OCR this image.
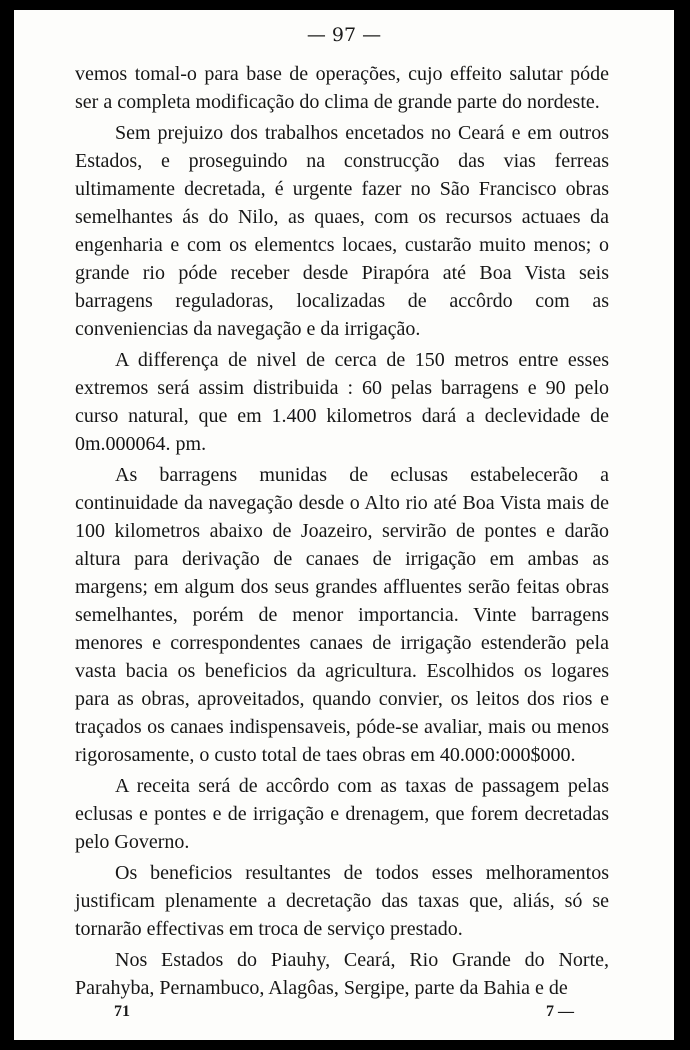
— 97 —

vemos tomal-o para base de operações, cujo effeito salutar póde ser a completa modificação do clima de grande parte do nordeste.

Sem prejuizo dos trabalhos encetados no Ceará e em outros Estados, e proseguindo na construcção das vias ferreas ultimamente decretada, é urgente fazer no São Francisco obras semelhantes ás do Nilo, as quaes, com os recursos actuaes da engenharia e com os elementcs locaes, custarão muito menos; o grande rio póde receber desde Pirapóra até Boa Vista seis barragens reguladoras, localizadas de accôrdo com as conveniencias da navegação e da irrigação.

A differença de nivel de cerca de 150 metros entre esses extremos será assim distribuida : 60 pelas barragens e 90 pelo curso natural, que em 1.400 kilometros dará a declevidade de 0m.000064. pm.

As barragens munidas de eclusas estabelecerão a continuidade da navegação desde o Alto rio até Boa Vista mais de 100 kilometros abaixo de Joazeiro, servirão de pontes e darão altura para derivação de canaes de irrigação em ambas as margens; em algum dos seus grandes affluentes serão feitas obras semelhantes, porém de menor importancia. Vinte barragens menores e correspondentes canaes de irrigação estenderão pela vasta bacia os beneficios da agricultura. Escolhidos os logares para as obras, aproveitados, quando convier, os leitos dos rios e traçados os canaes indispensaveis, póde-se avaliar, mais ou menos rigorosamente, o custo total de taes obras em 40.000:000$000.

A receita será de accôrdo com as taxas de passagem pelas eclusas e pontes e de irrigação e drenagem, que forem decretadas pelo Governo.

Os beneficios resultantes de todos esses melhoramentos justificam plenamente a decretação das taxas que, aliás, só se tornarão effectivas em troca de serviço prestado.

Nos Estados do Piauhy, Ceará, Rio Grande do Norte, Parahyba, Pernambuco, Alagôas, Sergipe, parte da Bahia e de

71	7 —
